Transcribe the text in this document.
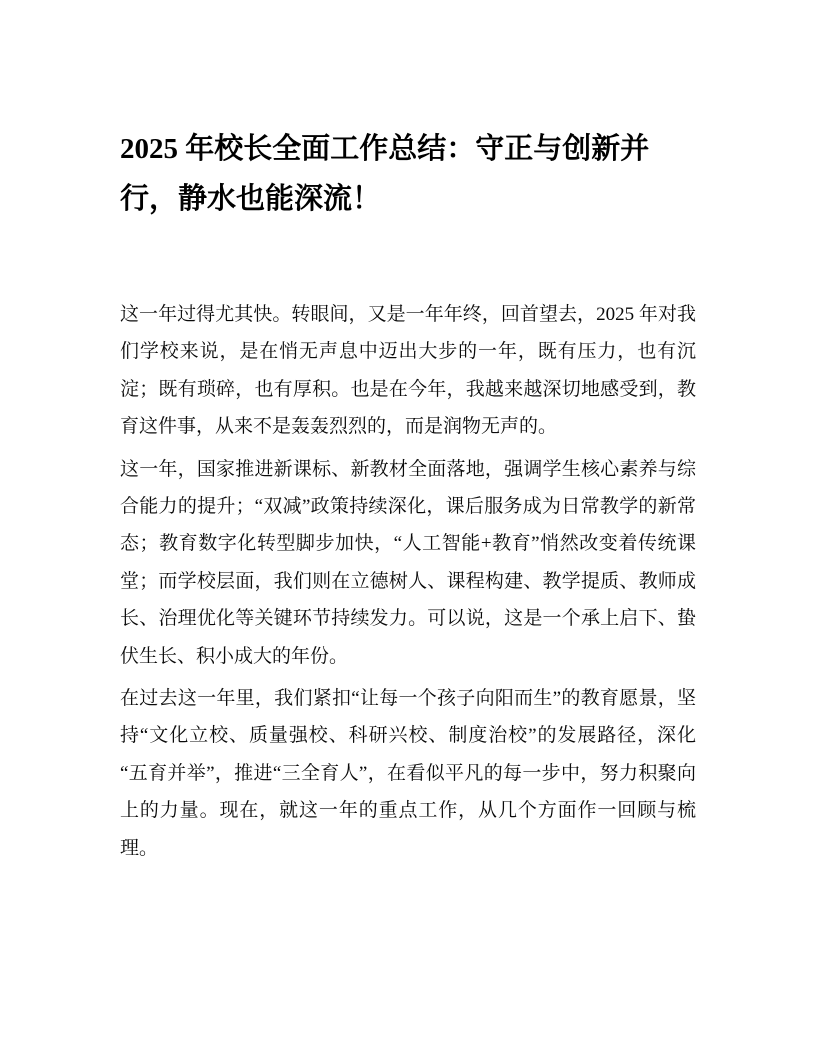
2025 年校长全面工作总结：守正与创新并行，静水也能深流！

这一年过得尤其快。转眼间，又是一年年终，回首望去，2025 年对我们学校来说，是在悄无声息中迈出大步的一年，既有压力，也有沉淀；既有琐碎，也有厚积。也是在今年，我越来越深切地感受到，教育这件事，从来不是轰轰烈烈的，而是润物无声的。

这一年，国家推进新课标、新教材全面落地，强调学生核心素养与综合能力的提升；“双减”政策持续深化，课后服务成为日常教学的新常态；教育数字化转型脚步加快，“人工智能+教育”悄然改变着传统课堂；而学校层面，我们则在立德树人、课程构建、教学提质、教师成长、治理优化等关键环节持续发力。可以说，这是一个承上启下、蛰伏生长、积小成大的年份。

在过去这一年里，我们紧扣“让每一个孩子向阳而生”的教育愿景，坚持“文化立校、质量强校、科研兴校、制度治校”的发展路径，深化“五育并举”，推进“三全育人”，在看似平凡的每一步中，努力积聚向上的力量。现在，就这一年的重点工作，从几个方面作一回顾与梳理。
